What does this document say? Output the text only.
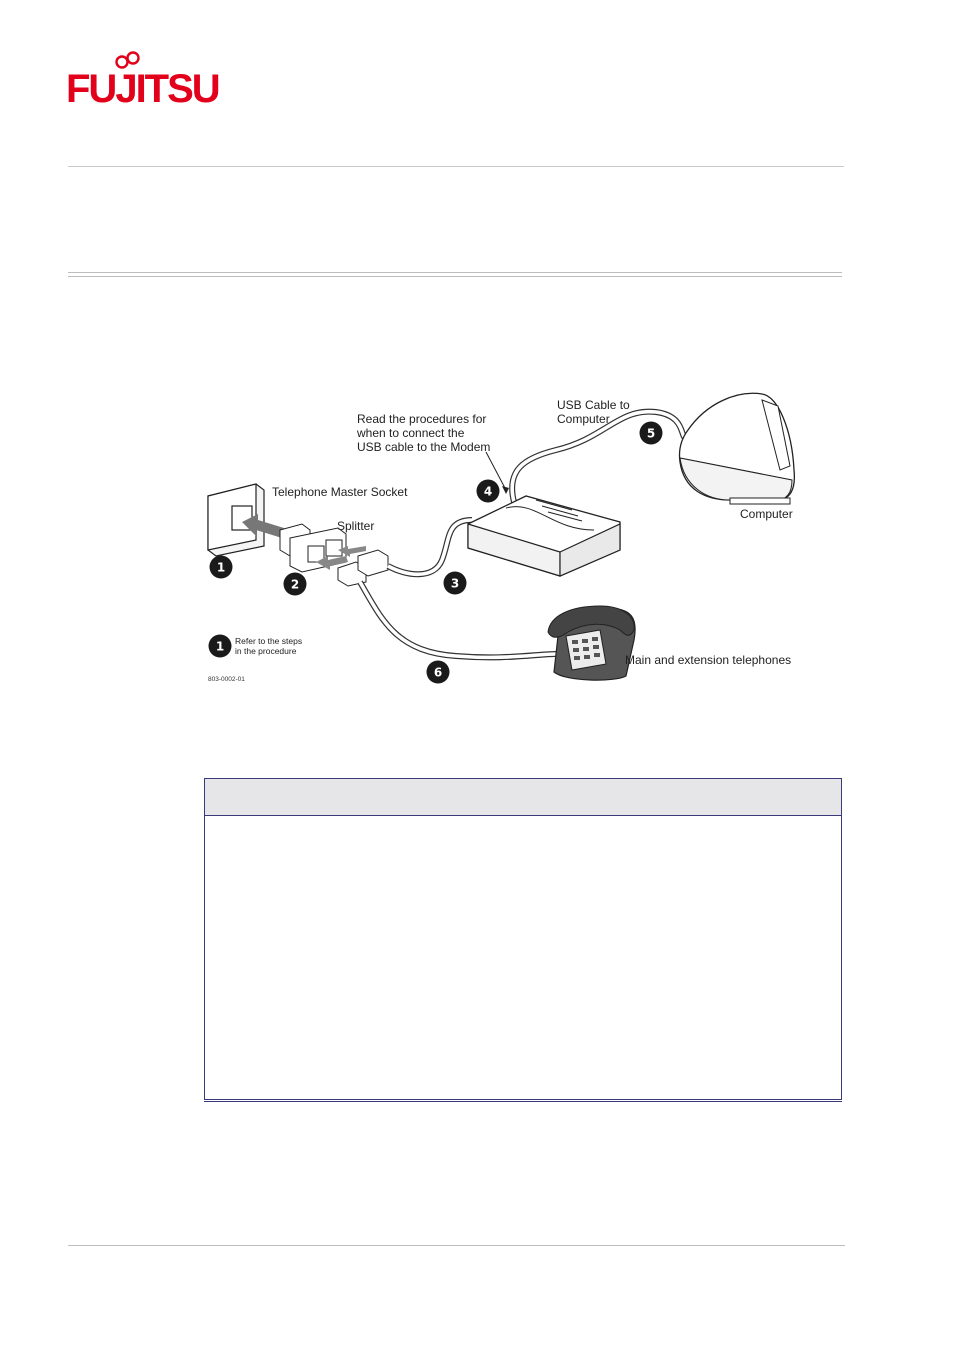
FUJITSU
1
2	3
4
5
6
1 Refer to the steps
in the procedure
803-0002-01
Telephone Master Socket
Splitter
Read the procedures for
when to connect the
USB cable to the Modem
USB Cable to
Computer
Computer
Main and extension telephones
